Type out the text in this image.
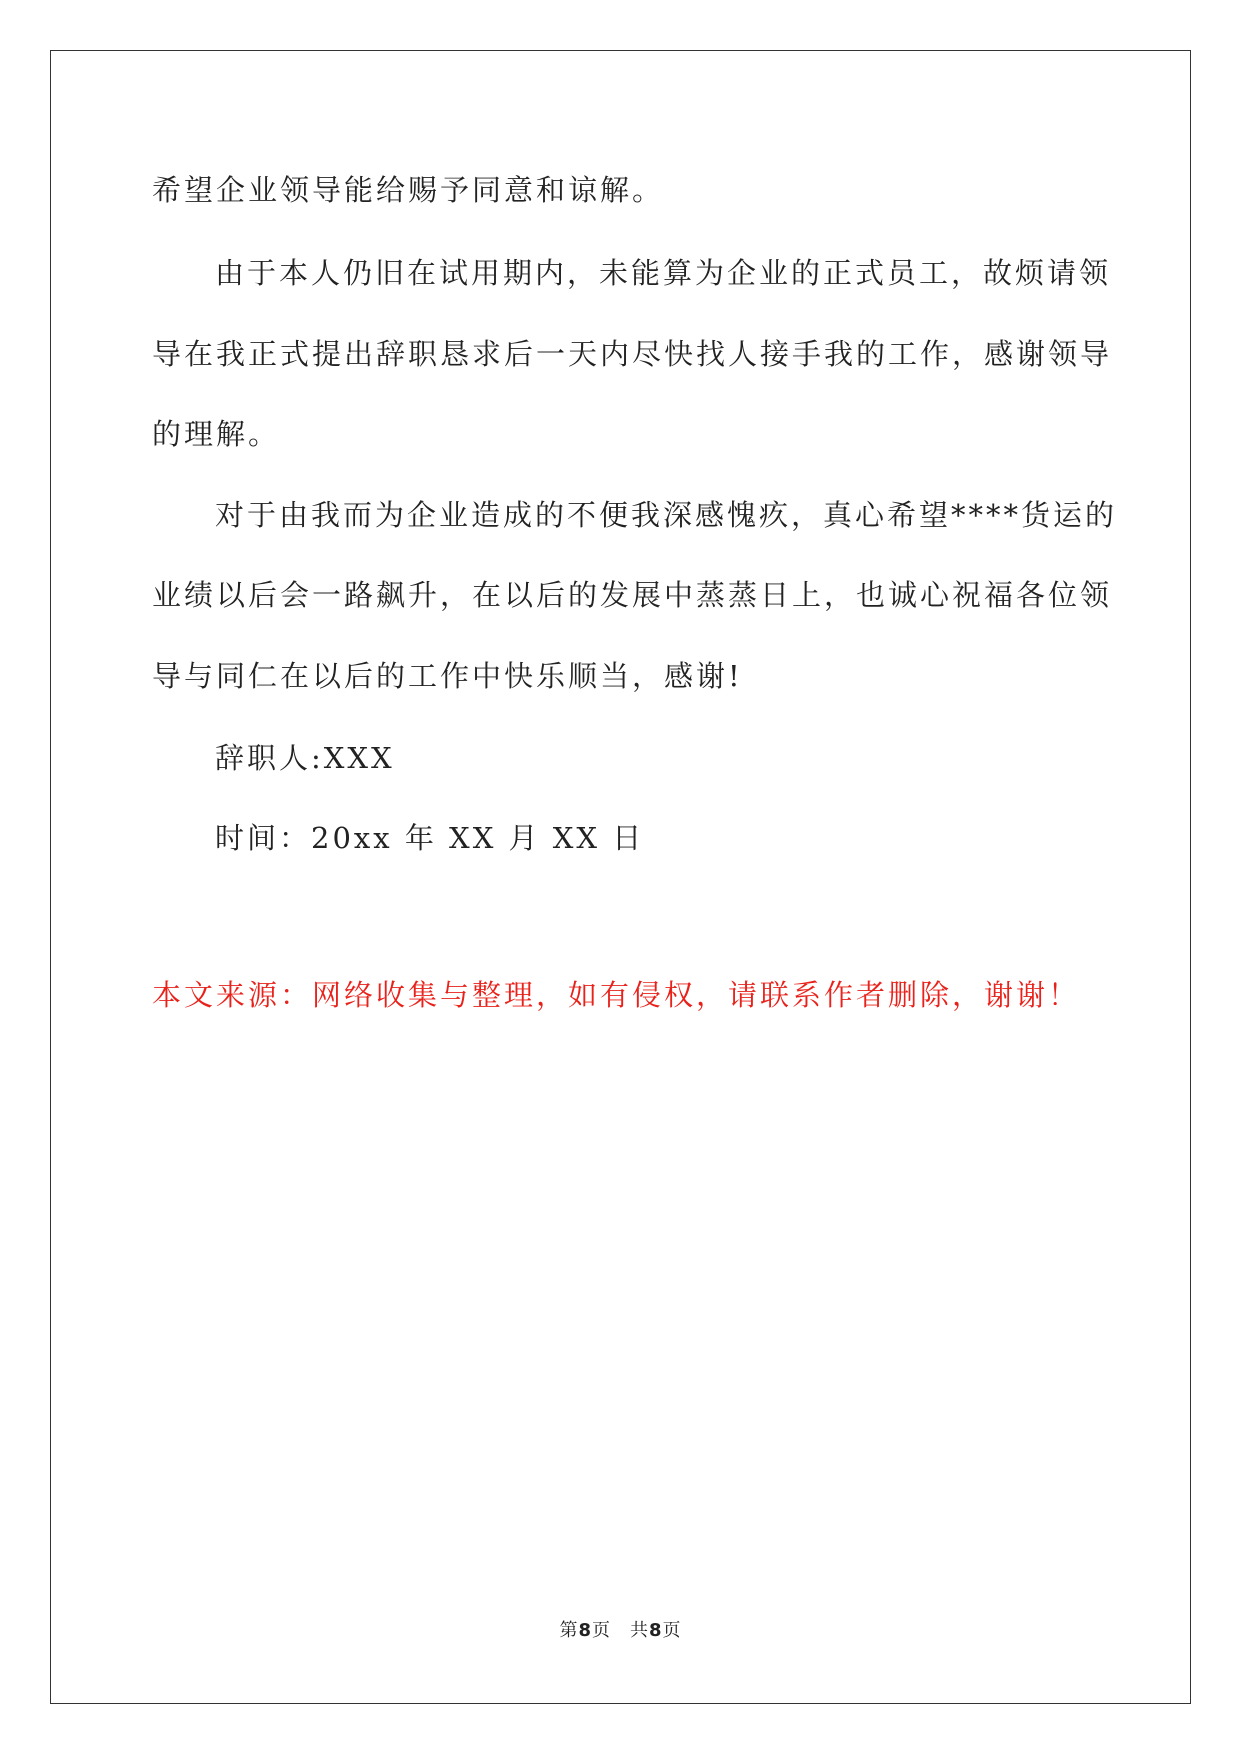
希望企业领导能给赐予同意和谅解。

由于本人仍旧在试用期内，未能算为企业的正式员工，故烦请领

导在我正式提出辞职恳求后一天内尽快找人接手我的工作，感谢领导

的理解。

对于由我而为企业造成的不便我深感愧疚，真心希望****货运的

业绩以后会一路飙升，在以后的发展中蒸蒸日上，也诚心祝福各位领

导与同仁在以后的工作中快乐顺当，感谢!

辞职人:XXX

时间：20xx 年 XX 月 XX 日

本文来源：网络收集与整理，如有侵权，请联系作者删除，谢谢！

第8页　共8页
